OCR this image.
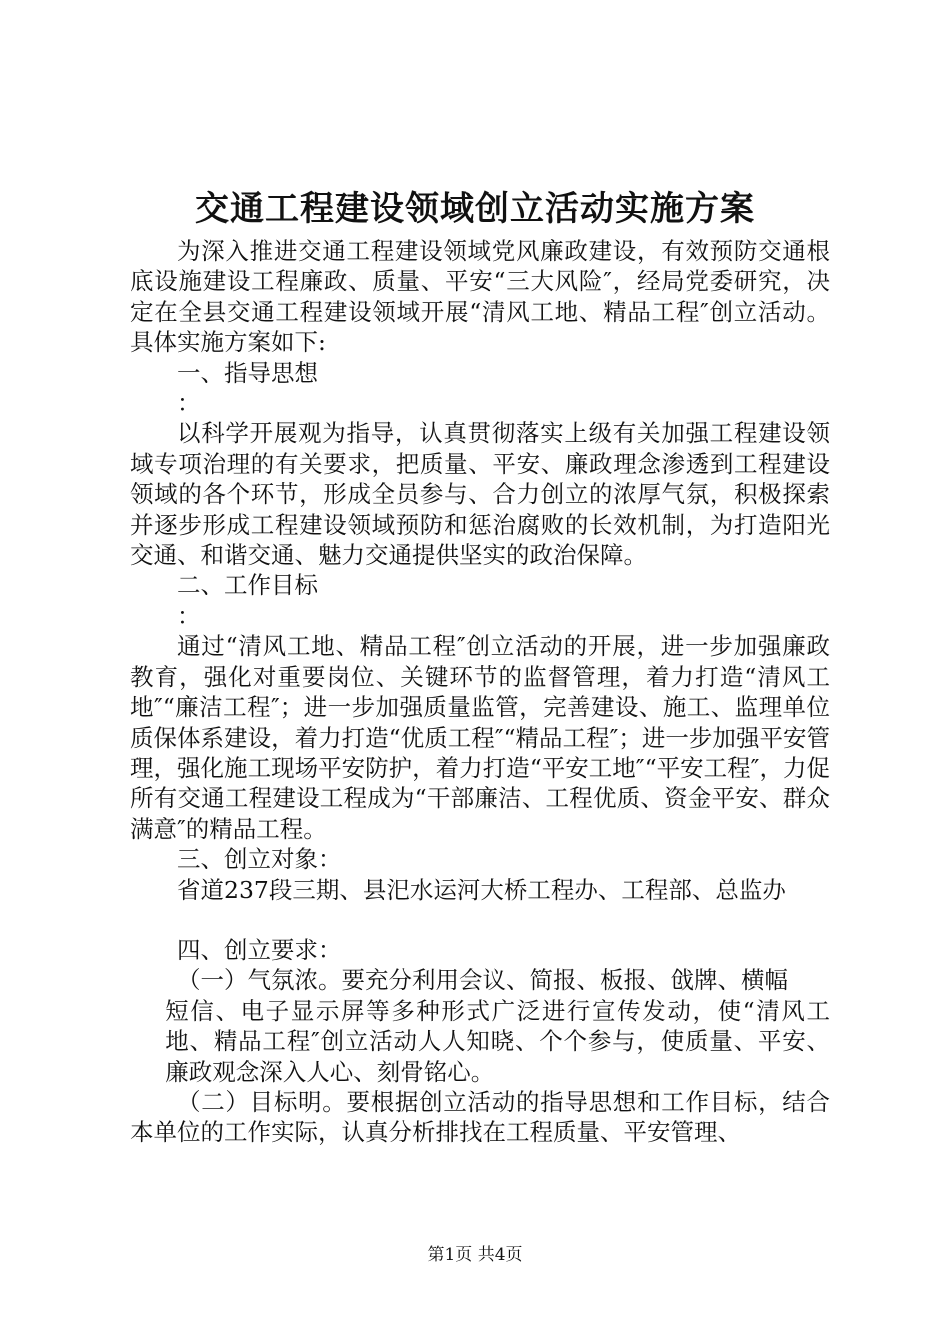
交通工程建设领域创立活动实施方案

为深入推进交通工程建设领域党风廉政建设，有效预防交通根底设施建设工程廉政、质量、平安“三大风险″，经局党委研究，决定在全县交通工程建设领域开展“清风工地、精品工程″创立活动。具体实施方案如下:

一、指导思想

：

以科学开展观为指导，认真贯彻落实上级有关加强工程建设领域专项治理的有关要求，把质量、平安、廉政理念渗透到工程建设领域的各个环节，形成全员参与、合力创立的浓厚气氛，积极探索并逐步形成工程建设领域预防和惩治腐败的长效机制，为打造阳光交通、和谐交通、魅力交通提供坚实的政治保障。

二、工作目标

：

通过“清风工地、精品工程″创立活动的开展，进一步加强廉政教育，强化对重要岗位、关键环节的监督管理，着力打造“清风工地″“廉洁工程″；进一步加强质量监管，完善建设、施工、监理单位质保体系建设，着力打造“优质工程″“精品工程″；进一步加强平安管理，强化施工现场平安防护，着力打造“平安工地″“平安工程″，力促所有交通工程建设工程成为“干部廉洁、工程优质、资金平安、群众满意″的精品工程。

三、创立对象：

省道237段三期、县汜水运河大桥工程办、工程部、总监办

四、创立要求：

（一）气氛浓。要充分利用会议、简报、板报、戗牌、横幅

短信、电子显示屏等多种形式广泛进行宣传发动，使“清风工地、精品工程″创立活动人人知晓、个个参与，使质量、平安、廉政观念深入人心、刻骨铭心。

（二）目标明。要根据创立活动的指导思想和工作目标，结合本单位的工作实际，认真分析排找在工程质量、平安管理、

第1页 共4页
